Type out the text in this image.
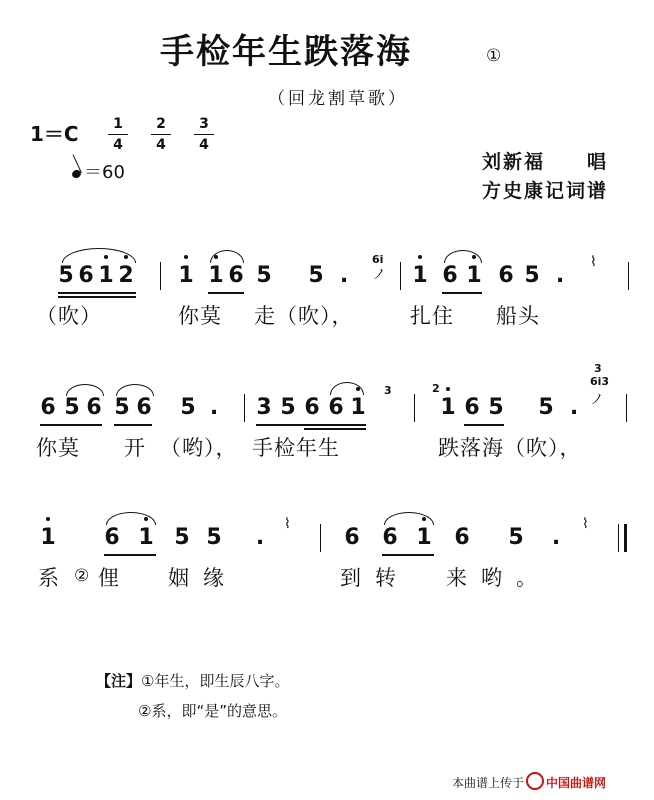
手检年生跌落海	①
（回龙割草歌）
1＝C	1
4
2
4
3
4
＝60	刘新福　　唱
方史康记词谱
5 6 1 2 1 1 6 5 5 .	1 6 1 6 5 .
6i
ノ
⌇
（吹）	你莫 走（吹），	扎住 船头
6 5 6 5 6 5 . 3 5 6 6 1	1 6 5 5 .
3	2
3
6i3
ノ
你莫 开 （哟）， 手检年生	跌落海（吹），
1 6 1 5 5 .	6 6 1 6 5 .
⌇	⌇
系 ② 俚 姻缘	到转 来哟。
【注】①年生，即生辰八字。
②系，即“是”的意思。
本曲谱上传于 中国曲谱网
